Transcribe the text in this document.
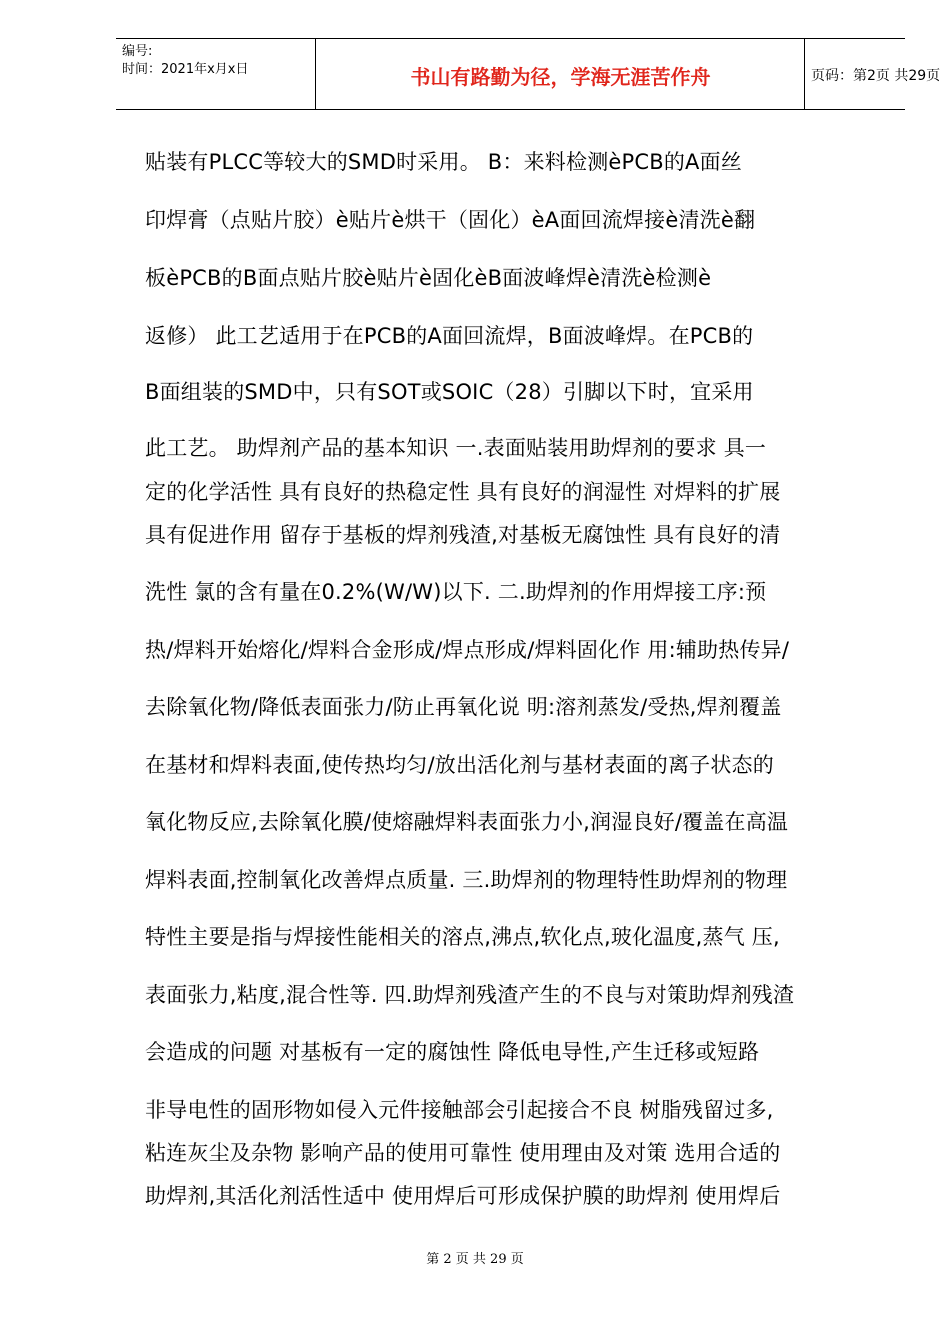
编号:
时间：2021年x月x日	书山有路勤为径，学海无涯苦作舟	页码：第2页 共29页
贴装有PLCC等较大的SMD时采用。 B：来料检测èPCB的A面丝
印焊膏（点贴片胶）è贴片è烘干（固化）èA面回流焊接è清洗è翻
板èPCB的B面点贴片胶è贴片è固化èB面波峰焊è清洗è检测è
返修） 此工艺适用于在PCB的A面回流焊，B面波峰焊。在PCB的
B面组装的SMD中，只有SOT或SOIC（28）引脚以下时，宜采用
此工艺。 助焊剂产品的基本知识 一.表面贴装用助焊剂的要求 具一
定的化学活性 具有良好的热稳定性 具有良好的润湿性 对焊料的扩展
具有促进作用 留存于基板的焊剂残渣,对基板无腐蚀性 具有良好的清
洗性 氯的含有量在0.2%(W/W)以下. 二.助焊剂的作用焊接工序:预
热/焊料开始熔化/焊料合金形成/焊点形成/焊料固化作 用:辅助热传异/
去除氧化物/降低表面张力/防止再氧化说 明:溶剂蒸发/受热,焊剂覆盖
在基材和焊料表面,使传热均匀/放出活化剂与基材表面的离子状态的
氧化物反应,去除氧化膜/使熔融焊料表面张力小,润湿良好/覆盖在高温
焊料表面,控制氧化改善焊点质量. 三.助焊剂的物理特性助焊剂的物理
特性主要是指与焊接性能相关的溶点,沸点,软化点,玻化温度,蒸气 压,
表面张力,粘度,混合性等. 四.助焊剂残渣产生的不良与对策助焊剂残渣
会造成的问题 对基板有一定的腐蚀性 降低电导性,产生迁移或短路
非导电性的固形物如侵入元件接触部会引起接合不良 树脂残留过多,
粘连灰尘及杂物 影响产品的使用可靠性 使用理由及对策 选用合适的
助焊剂,其活化剂活性适中 使用焊后可形成保护膜的助焊剂 使用焊后
第 2 页 共 29 页
